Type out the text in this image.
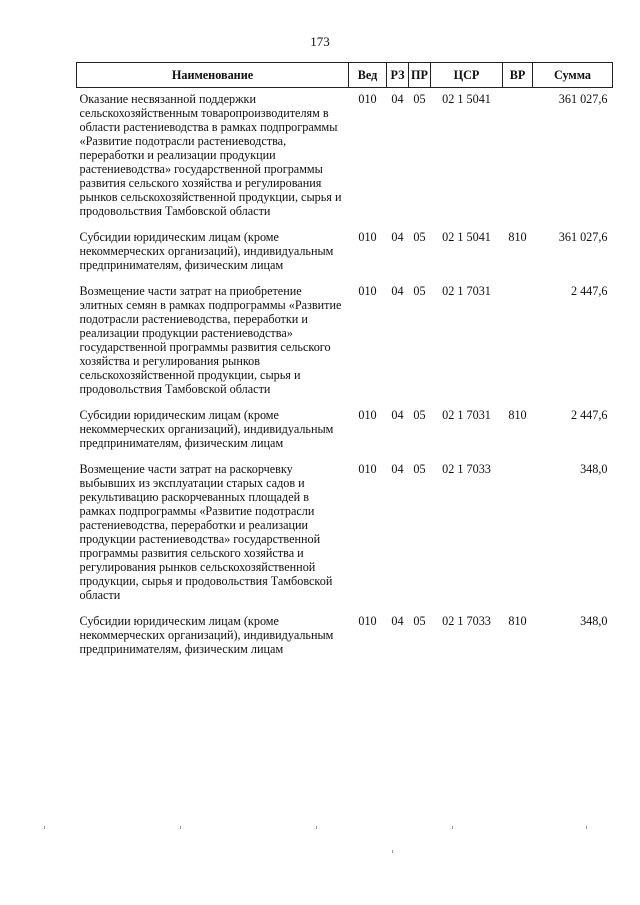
173
Наименование	Вед	РЗ	ПР	ЦСР	ВР	Сумма
Оказание несвязанной поддержки сельскохозяйственным товаропроизводителям в области растениеводства в рамках подпрограммы «Развитие подотрасли растениеводства, переработки и реализации продукции растениеводства» государственной программы развития сельского хозяйства и регулирования рынков сельскохозяйственной продукции, сырья и продовольствия Тамбовской области	010	04	05	02 1 5041		361 027,6
Субсидии юридическим лицам (кроме некоммерческих организаций), индивидуальным предпринимателям, физическим лицам	010	04	05	02 1 5041	810	361 027,6
Возмещение части затрат на приобретение элитных семян в рамках подпрограммы «Развитие подотрасли растениеводства, переработки и реализации продукции растениеводства» государственной программы развития сельского хозяйства и регулирования рынков сельскохозяйственной продукции, сырья и продовольствия Тамбовской области	010	04	05	02 1 7031		2 447,6
Субсидии юридическим лицам (кроме некоммерческих организаций), индивидуальным предпринимателям, физическим лицам	010	04	05	02 1 7031	810	2 447,6
Возмещение части затрат на раскорчевку выбывших из эксплуатации старых садов и рекультивацию раскорчеванных площадей в рамках подпрограммы «Развитие подотрасли растениеводства, переработки и реализации продукции растениеводства» государственной программы развития сельского хозяйства и регулирования рынков сельскохозяйственной продукции, сырья и продовольствия Тамбовской области	010	04	05	02 1 7033		348,0
Субсидии юридическим лицам (кроме некоммерческих организаций), индивидуальным предпринимателям, физическим лицам	010	04	05	02 1 7033	810	348,0
